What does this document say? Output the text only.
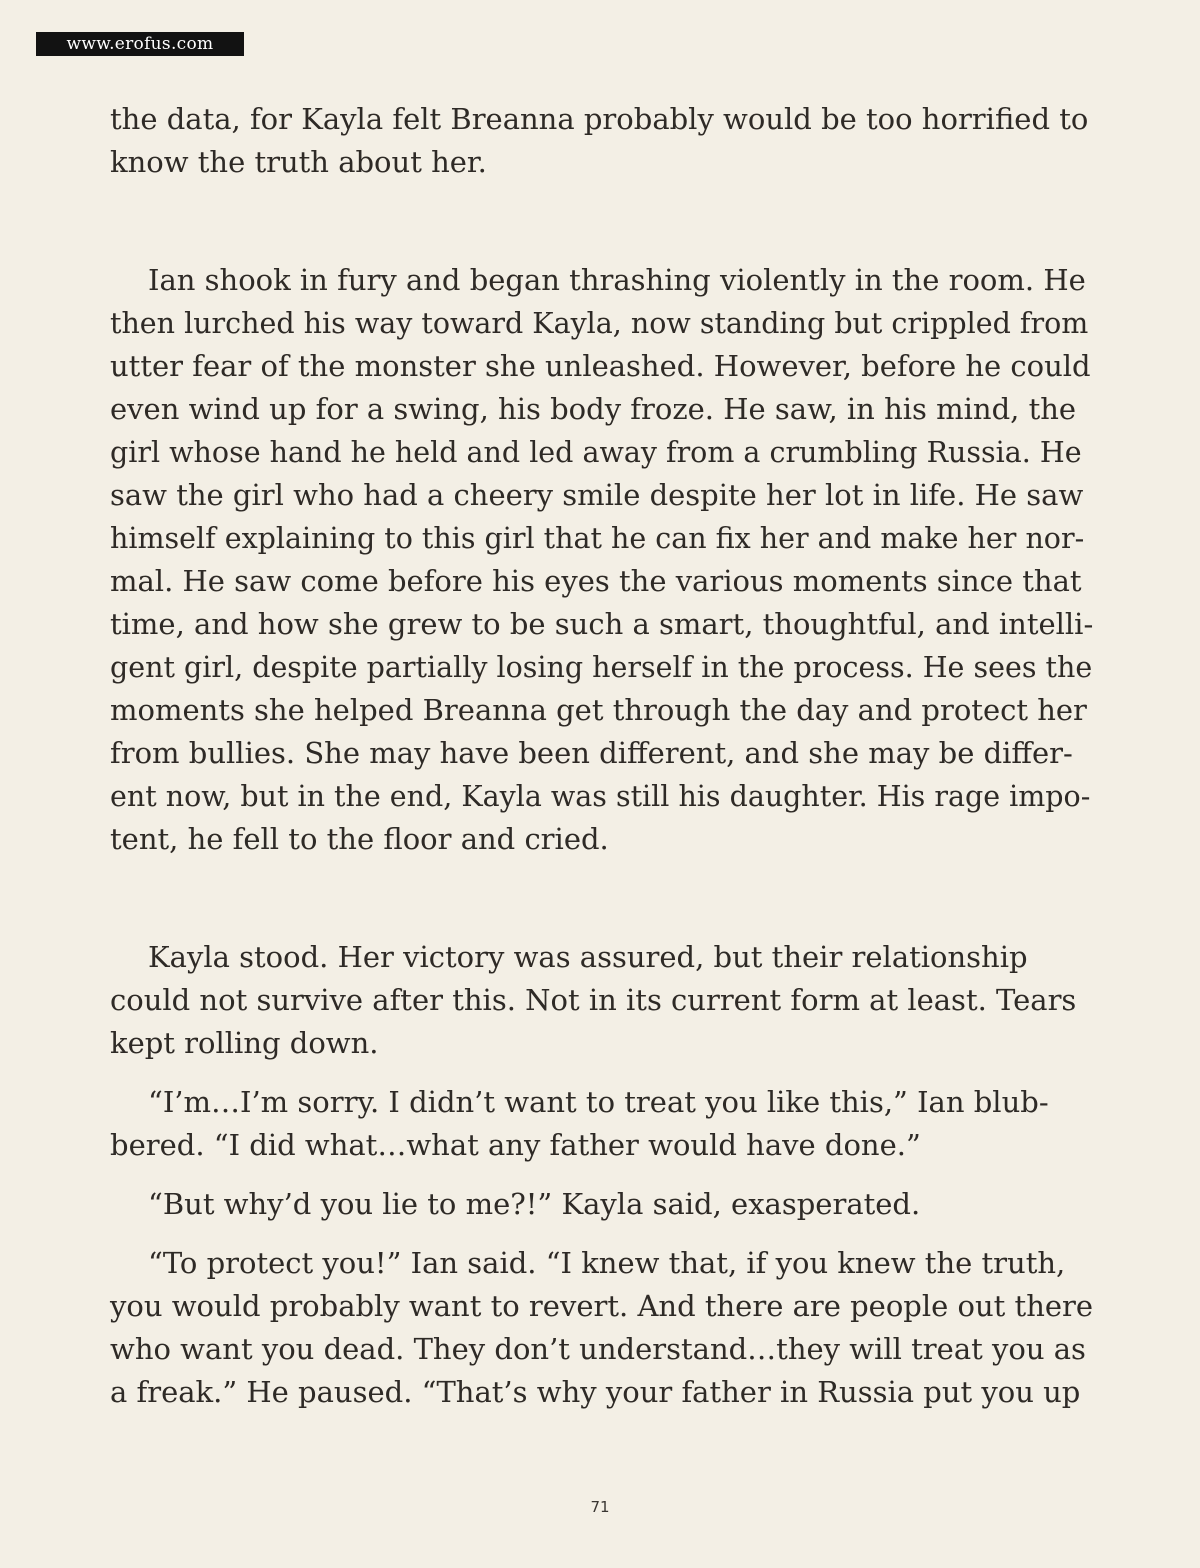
www.erofus.com
the data, for Kayla felt Breanna probably would be too horrified to
know the truth about her.
Ian shook in fury and began thrashing violently in the room. He
then lurched his way toward Kayla, now standing but crippled from
utter fear of the monster she unleashed. However, before he could
even wind up for a swing, his body froze. He saw, in his mind, the
girl whose hand he held and led away from a crumbling Russia. He
saw the girl who had a cheery smile despite her lot in life. He saw
himself explaining to this girl that he can fix her and make her nor-
mal. He saw come before his eyes the various moments since that
time, and how she grew to be such a smart, thoughtful, and intelli-
gent girl, despite partially losing herself in the process. He sees the
moments she helped Breanna get through the day and protect her
from bullies. She may have been different, and she may be differ-
ent now, but in the end, Kayla was still his daughter. His rage impo-
tent, he fell to the floor and cried.
Kayla stood. Her victory was assured, but their relationship
could not survive after this. Not in its current form at least. Tears
kept rolling down.
“I’m…I’m sorry. I didn’t want to treat you like this,” Ian blub-
bered. “I did what…what any father would have done.”
“But why’d you lie to me?!” Kayla said, exasperated.
“To protect you!” Ian said. “I knew that, if you knew the truth,
you would probably want to revert. And there are people out there
who want you dead. They don’t understand…they will treat you as
a freak.” He paused. “That’s why your father in Russia put you up
71
